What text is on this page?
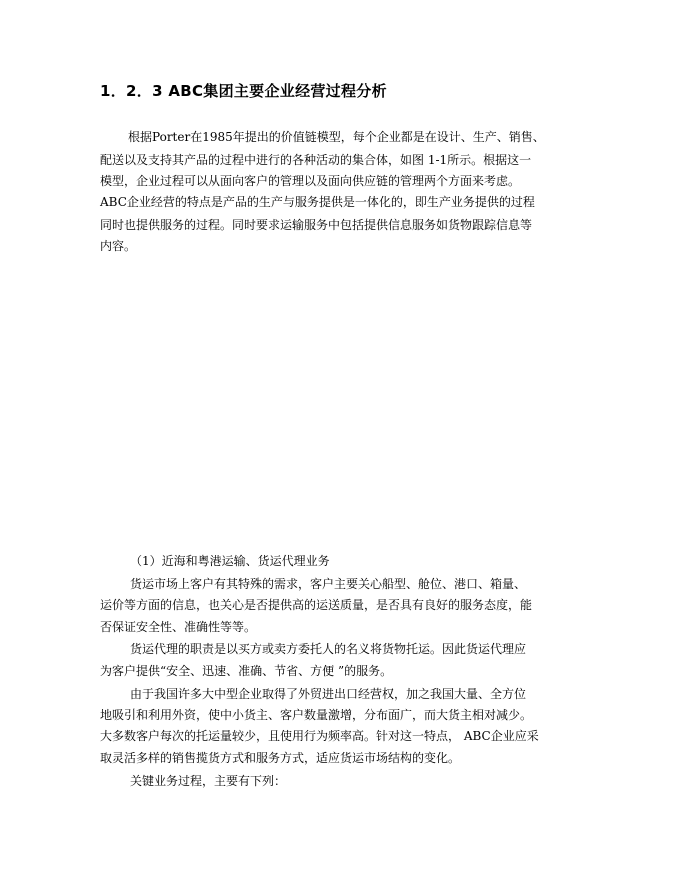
1．2．3 ABC集团主要企业经营过程分析
根据Porter在1985年提出的价值链模型，每个企业都是在设计、生产、销售、
配送以及支持其产品的过程中进行的各种活动的集合体，如图 1-1所示。根据这一
模型，企业过程可以从面向客户的管理以及面向供应链的管理两个方面来考虑。
ABC企业经营的特点是产品的生产与服务提供是一体化的，即生产业务提供的过程
同时也提供服务的过程。同时要求运输服务中包括提供信息服务如货物跟踪信息等
内容。
（1）近海和粤港运输、货运代理业务
货运市场上客户有其特殊的需求，客户主要关心船型、舱位、港口、箱量、
运价等方面的信息，也关心是否提供高的运送质量，是否具有良好的服务态度，能
否保证安全性、准确性等等。
货运代理的职责是以买方或卖方委托人的名义将货物托运。因此货运代理应
为客户提供“安全、迅速、准确、节省、方便 ”的服务。
由于我国许多大中型企业取得了外贸进出口经营权，加之我国大量、全方位
地吸引和利用外资，使中小货主、客户数量激增，分布面广，而大货主相对减少。
大多数客户每次的托运量较少，且使用行为频率高。针对这一特点， ABC企业应采
取灵活多样的销售揽货方式和服务方式，适应货运市场结构的变化。
关键业务过程，主要有下列：
